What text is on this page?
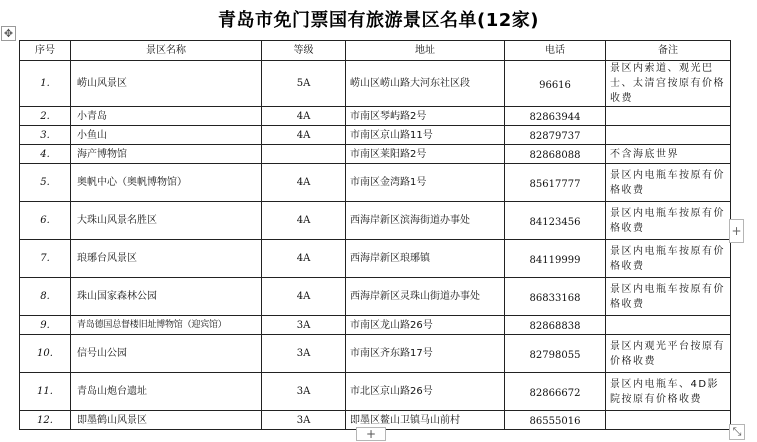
✥
青岛市免门票国有旅游景区名单(12家)
序号	景区名称	等级	地址	电话	备注
1.	崂山风景区	5A	崂山区崂山路大河东社区段	96616	景区内索道、观光巴士、太清宫按原有价格收费
2.	小青岛	4A	市南区琴屿路2号	82863944	
3.	小鱼山	4A	市南区京山路11号	82879737	
4.	海产博物馆		市南区莱阳路2号	82868088	不含海底世界
5.	奥帆中心（奥帆博物馆）	4A	市南区金湾路1号	85617777	景区内电瓶车按原有价格收费
6.	大珠山风景名胜区	4A	西海岸新区滨海街道办事处	84123456	景区内电瓶车按原有价格收费
7.	琅琊台风景区	4A	西海岸新区琅琊镇	84119999	景区内电瓶车按原有价格收费
8.	珠山国家森林公园	4A	西海岸新区灵珠山街道办事处	86833168	景区内电瓶车按原有价格收费
9.	青岛德国总督楼旧址博物馆（迎宾馆）	3A	市南区龙山路26号	82868838	
10.	信号山公园	3A	市南区齐东路17号	82798055	景区内观光平台按原有价格收费
11.	青岛山炮台遗址	3A	市北区京山路26号	82866672	景区内电瓶车、4D影院按原有价格收费
12.	即墨鹤山风景区	3A	即墨区鳌山卫镇马山前村	86555016	
+
+	⤡
